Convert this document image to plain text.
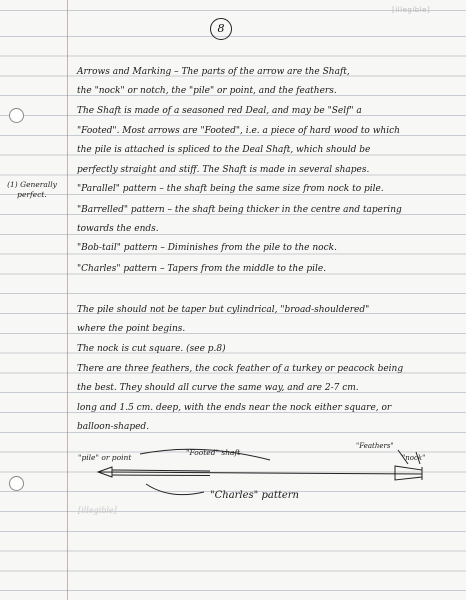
8
[illegible]
(1) Generally perfect.
Arrows and Marking – The parts of the arrow are the Shaft,
the "nock" or notch, the "pile" or point, and the feathers.
The Shaft is made of a seasoned red Deal, and may be "Self" a
"Footed". Most arrows are "Footed", i.e. a piece of hard wood to which
the pile is attached is spliced to the Deal Shaft, which should be
perfectly straight and stiff. The Shaft is made in several shapes.
"Parallel" pattern – the shaft being the same size from nock to pile.
"Barrelled" pattern – the shaft being thicker in the centre and tapering
towards the ends.
"Bob-tail" pattern – Diminishes from the pile to the nock.
"Charles" pattern – Tapers from the middle to the pile.
The pile should not be taper but cylindrical, "broad-shouldered"
where the point begins.
The nock is cut square. (see p.8)
There are three feathers, the cock feather of a turkey or peacock being
the best. They should all curve the same way, and are 2-7 cm.
long and 1.5 cm. deep, with the ends near the nock either square, or
balloon-shaped.
"pile" or point
"Footed" shaft
"Feathers"
"nock"
"Charles" pattern
[illegible]
